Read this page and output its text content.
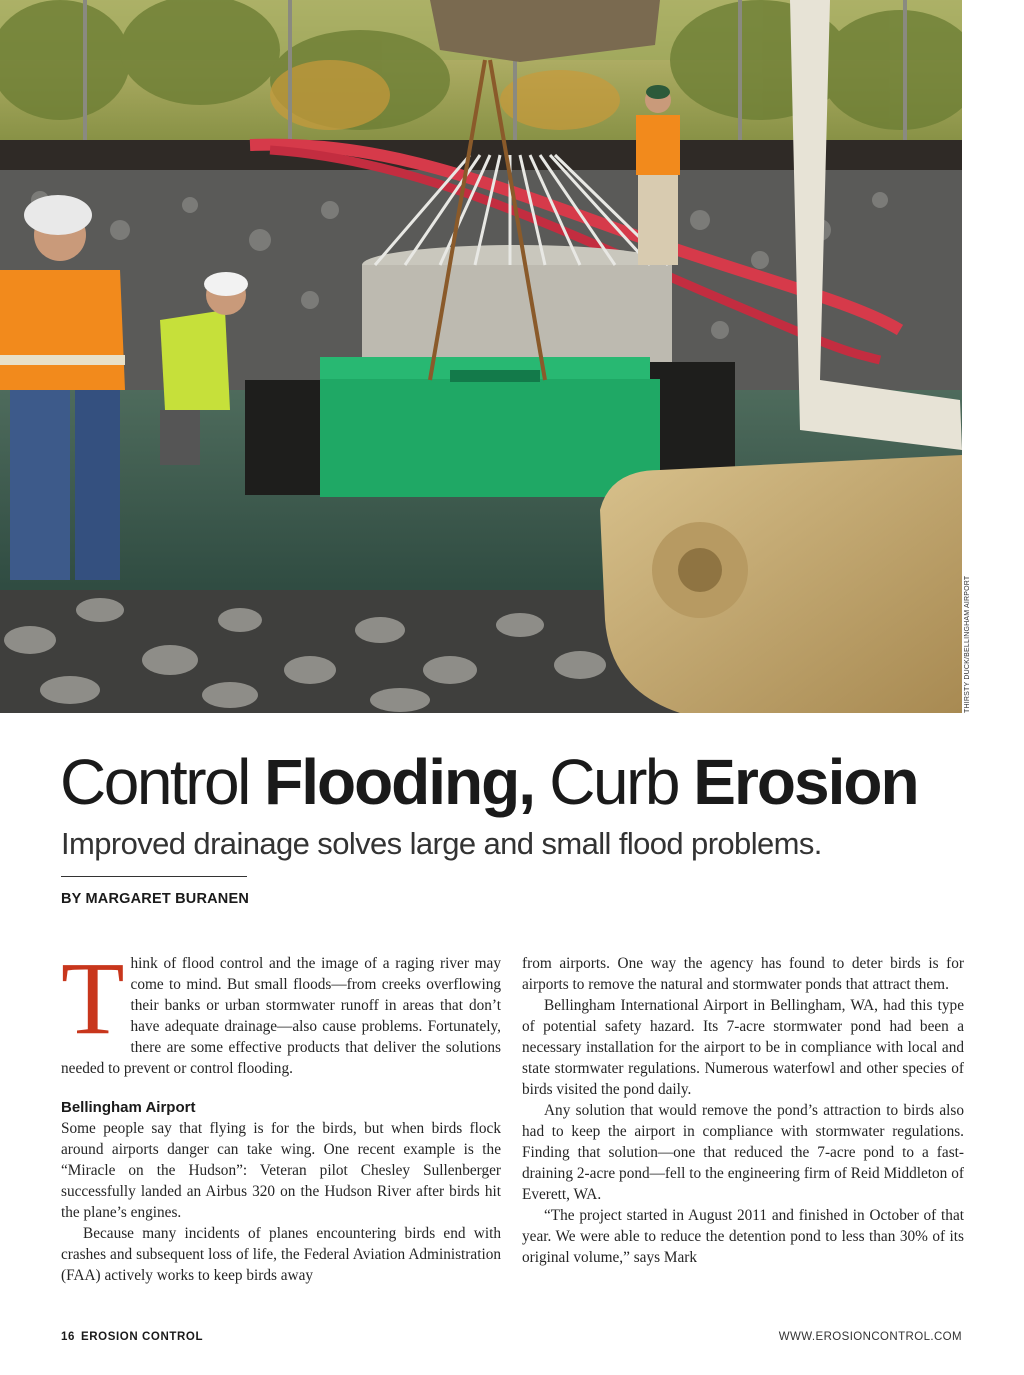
THIRSTY DUCK/BELLINGHAM AIRPORT
Control Flooding, Curb Erosion
Improved drainage solves large and small flood problems.
BY MARGARET BURANEN

Think of flood control and the image of a raging river may come to mind. But small floods—from creeks overflowing their banks or urban stormwater runoff in areas that don’t have adequate drainage—also cause problems. Fortunately, there are some effective products that deliver the solutions needed to prevent or control flooding.

Bellingham Airport

Some people say that flying is for the birds, but when birds flock around airports danger can take wing. One recent example is the “Miracle on the Hudson”: Veteran pilot Chesley Sullenberger successfully landed an Airbus 320 on the Hudson River after birds hit the plane’s engines.

Because many incidents of planes encountering birds end with crashes and subsequent loss of life, the Federal Aviation Administration (FAA) actively works to keep birds away

from airports. One way the agency has found to deter birds is for airports to remove the natural and stormwater ponds that attract them.

Bellingham International Airport in Bellingham, WA, had this type of potential safety hazard. Its 7-acre stormwater pond had been a necessary installation for the airport to be in compliance with local and state stormwater regulations. Numerous waterfowl and other species of birds visited the pond daily.

Any solution that would remove the pond’s attraction to birds also had to keep the airport in compliance with stormwater regulations. Finding that solution—one that reduced the 7-acre pond to a fast-draining 2-acre pond—fell to the engineering firm of Reid Middleton of Everett, WA.

“The project started in August 2011 and finished in October of that year. We were able to reduce the detention pond to less than 30% of its original volume,” says Mark

16 EROSION CONTROL	WWW.EROSIONCONTROL.COM
